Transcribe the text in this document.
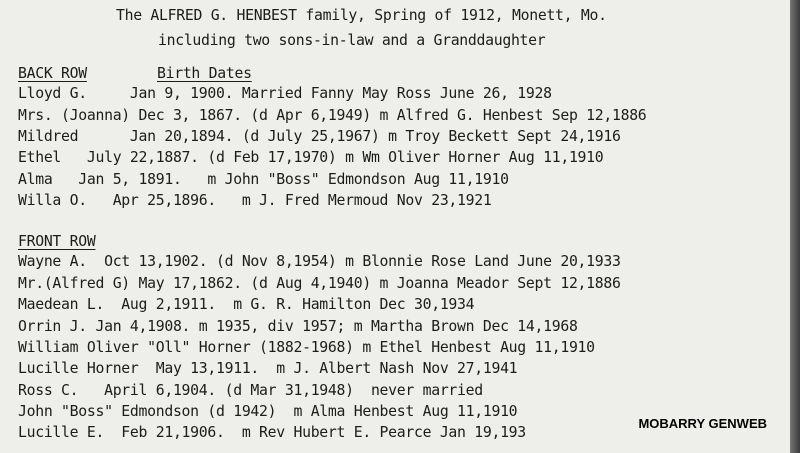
The ALFRED G. HENBEST family, Spring of 1912, Monett, Mo.
including two sons-in-law and a Granddaughter
BACK ROW	Birth Dates
Lloyd G.     Jan 9, 1900. Married Fanny May Ross June 26, 1928
Mrs. (Joanna) Dec 3, 1867. (d Apr 6,1949) m Alfred G. Henbest Sep 12,1886
Mildred      Jan 20,1894. (d July 25,1967) m Troy Beckett Sept 24,1916
Ethel   July 22,1887. (d Feb 17,1970) m Wm Oliver Horner Aug 11,1910
Alma   Jan 5, 1891.   m John "Boss" Edmondson Aug 11,1910
Willa O.   Apr 25,1896.   m J. Fred Mermoud Nov 23,1921
FRONT ROW
Wayne A.  Oct 13,1902. (d Nov 8,1954) m Blonnie Rose Land June 20,1933
Mr.(Alfred G) May 17,1862. (d Aug 4,1940) m Joanna Meador Sept 12,1886
Maedean L.  Aug 2,1911.  m G. R. Hamilton Dec 30,1934
Orrin J. Jan 4,1908. m 1935, div 1957; m Martha Brown Dec 14,1968
William Oliver "Oll" Horner (1882-1968) m Ethel Henbest Aug 11,1910
Lucille Horner  May 13,1911.  m J. Albert Nash Nov 27,1941
Ross C.   April 6,1904. (d Mar 31,1948)  never married
John "Boss" Edmondson (d 1942)  m Alma Henbest Aug 11,1910
Lucille E.  Feb 21,1906.  m Rev Hubert E. Pearce Jan 19,193
MOBARRY GENWEB
